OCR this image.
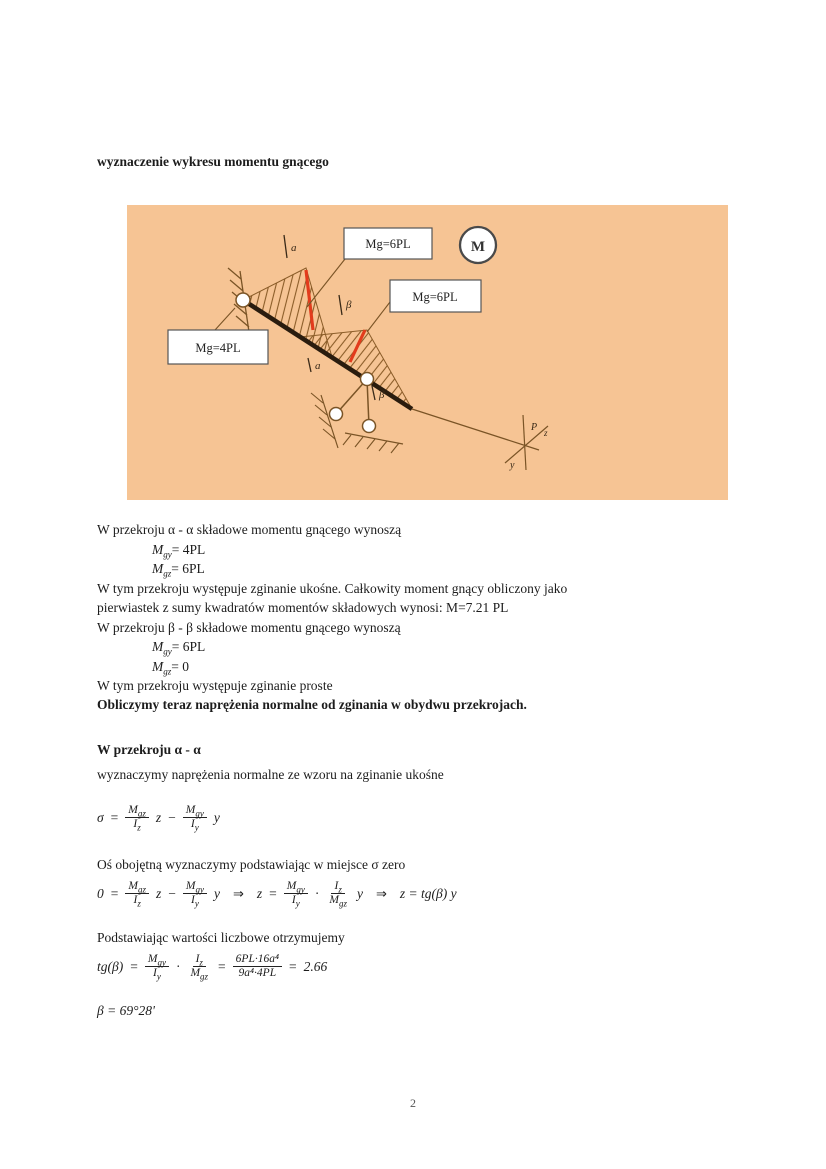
wyznaczenie wykresu momentu gnącego
a
a
β
β
P z
y
Mg=6PL
Mg=6PL
Mg=4PL
M
W przekroju α - α składowe momentu gnącego wynoszą
$M_{gy}= 4PL$
$M_{gz}= 6PL$
W tym przekroju występuje zginanie ukośne. Całkowity moment gnący obliczony jako
pierwiastek z sumy kwadratów momentów składowych wynosi: M=7.21 PL
W przekroju β - β składowe momentu gnącego wynoszą
$M_{gy}= 6PL$
$M_{gz}= 0$
W tym przekroju występuje zginanie proste
Obliczymy teraz naprężenia normalne od zginania w obydwu przekrojach.
W przekroju α - α
wyznaczymy naprężenia normalne ze wzoru na zginanie ukośne
$\sigma = \frac{M_{gz}}{I_z}$ $z - \frac{M_{gy}}{I_y}$ y
Oś obojętną wyznaczymy podstawiając w miejsce σ zero
$0 = \frac{M_{gz}}{I_z}$ $z - \frac{M_{gy}}{I_y}$ y	⇒ $z = \frac{M_{gy}}{I_y} \cdot \frac{I_z}{M_{gz}}$ y	⇒ z = tg(β) y
Podstawiając wartości liczbowe otrzymujemy
$tg(\beta) = \frac{M_{gy}}{I_y} \cdot \frac{I_z}{M_{gz}} = \frac{\text{6PL·16a⁴}}{\text{9a⁴·4PL}} = 2.66$
β = 69°28'
2
